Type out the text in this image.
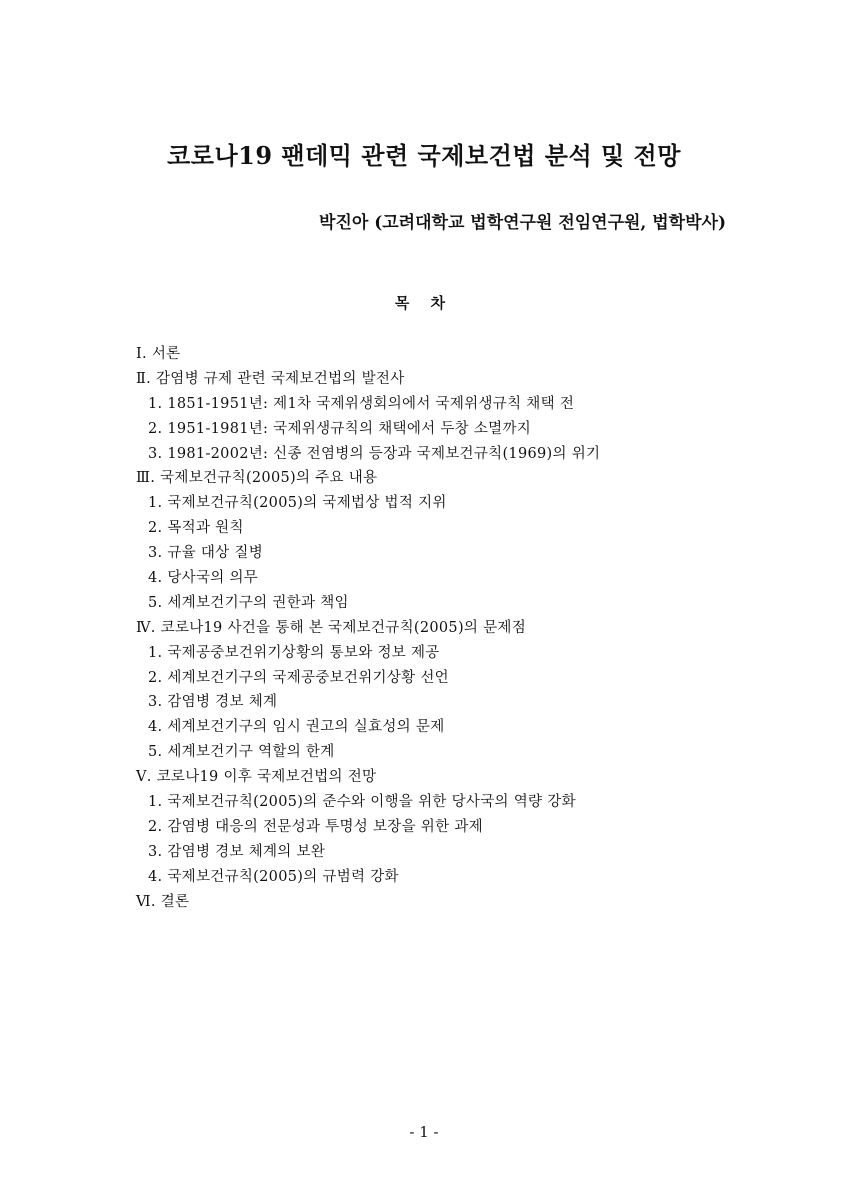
코로나19 팬데믹 관련 국제보건법 분석 및 전망

박진아 (고려대학교 법학연구원 전임연구원, 법학박사)

목 차
Ⅰ. 서론
Ⅱ. 감염병 규제 관련 국제보건법의 발전사
1. 1851-1951년: 제1차 국제위생회의에서 국제위생규칙 채택 전
2. 1951-1981년: 국제위생규칙의 채택에서 두창 소멸까지
3. 1981-2002년: 신종 전염병의 등장과 국제보건규칙(1969)의 위기
Ⅲ. 국제보건규칙(2005)의 주요 내용
1. 국제보건규칙(2005)의 국제법상 법적 지위
2. 목적과 원칙
3. 규율 대상 질병
4. 당사국의 의무
5. 세계보건기구의 권한과 책임
Ⅳ. 코로나19 사건을 통해 본 국제보건규칙(2005)의 문제점
1. 국제공중보건위기상황의 통보와 정보 제공
2. 세계보건기구의 국제공중보건위기상황 선언
3. 감염병 경보 체계
4. 세계보건기구의 임시 권고의 실효성의 문제
5. 세계보건기구 역할의 한계
Ⅴ. 코로나19 이후 국제보건법의 전망
1. 국제보건규칙(2005)의 준수와 이행을 위한 당사국의 역량 강화
2. 감염병 대응의 전문성과 투명성 보장을 위한 과제
3. 감염병 경보 체계의 보완
4. 국제보건규칙(2005)의 규범력 강화
Ⅵ. 결론

- 1 -
